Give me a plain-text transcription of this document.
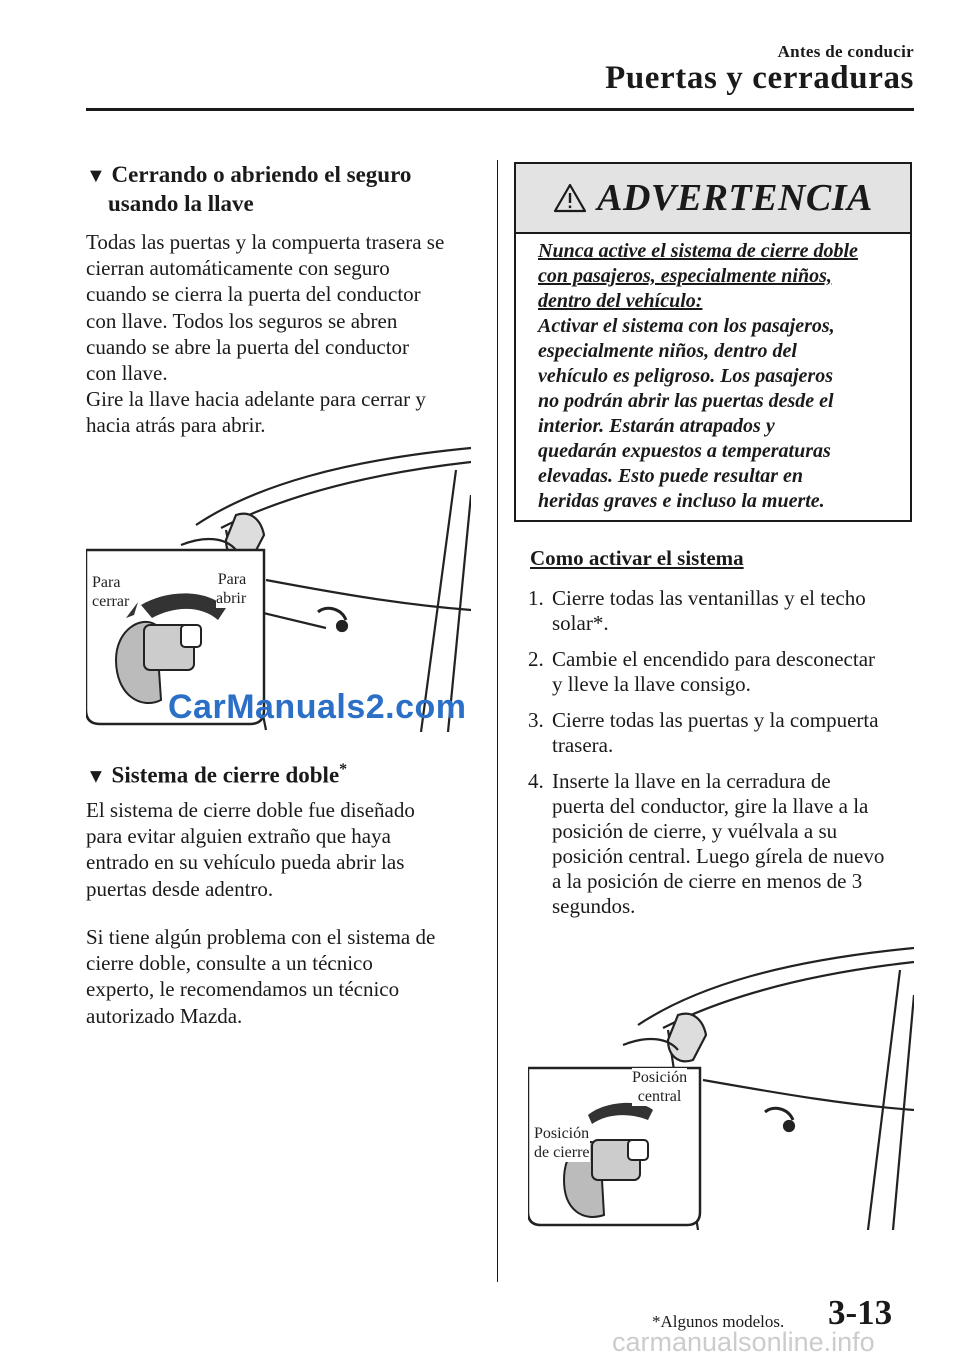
Antes de conducir
Puertas y cerraduras
▼ Cerrando o abriendo el seguro
usando la llave

Todas las puertas y la compuerta trasera se

cierran automáticamente con seguro

cuando se cierra la puerta del conductor

con llave. Todos los seguros se abren

cuando se abre la puerta del conductor

con llave.

Gire la llave hacia adelante para cerrar y

hacia atrás para abrir.

Para
cerrar
Para
abrir
CarManuals2.com
▼ Sistema de cierre doble*

El sistema de cierre doble fue diseñado

para evitar alguien extraño que haya

entrado en su vehículo pueda abrir las

puertas desde adentro.

Si tiene algún problema con el sistema de

cierre doble, consulte a un técnico

experto, le recomendamos un técnico

autorizado Mazda.

ADVERTENCIA
Nunca active el sistema de cierre doble
con pasajeros, especialmente niños,
dentro del vehículo:
Activar el sistema con los pasajeros,
especialmente niños, dentro del
vehículo es peligroso. Los pasajeros
no podrán abrir las puertas desde el
interior. Estarán atrapados y
quedarán expuestos a temperaturas
elevadas. Esto puede resultar en
heridas graves e incluso la muerte.
Como activar el sistema
1. Cierre todas las ventanillas y el techo
solar*.
2. Cambie el encendido para desconectar
y lleve la llave consigo.
3. Cierre todas las puertas y la compuerta
trasera.
4. Inserte la llave en la cerradura de
puerta del conductor, gire la llave a la
posición de cierre, y vuélvala a su
posición central. Luego gírela de nuevo
a la posición de cierre en menos de 3
segundos.
Posición
central
Posición
de cierre
*Algunos modelos. 3-13
carmanualsonline.info
